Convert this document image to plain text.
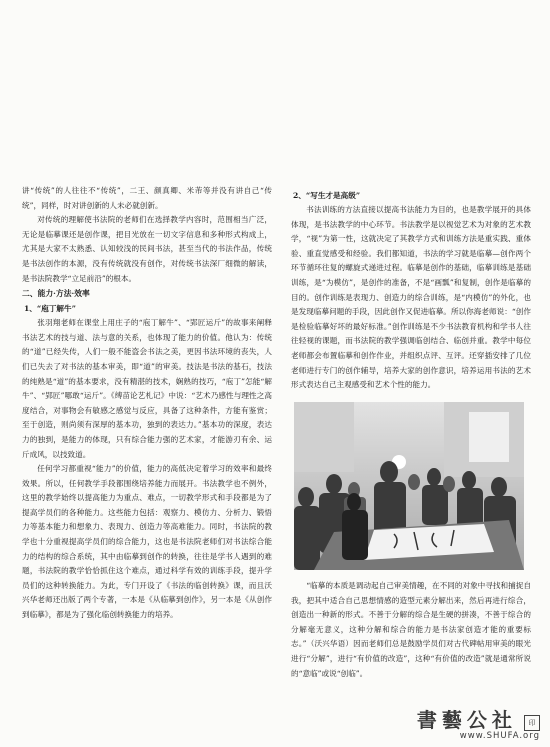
讲“传统”的人往往不“传统”，二王、颜真卿、米芾等并没有讲自己“传统”，同样，时对讲创新的人未必就创新。

对传统的理解使书法院的老师们在选择教学内容时，范围相当广泛，无论是临摹课还是创作课，把目光放在一切文字信息和多种形式构成上，尤其是大家不太熟悉、认知较浅的民间书法，甚至当代的书法作品，传统是书法创作的本源，没有传统就没有创作，对传统书法深厂细微的解读，是书法院教学“立足前沿”的根本。

二、能力·方法·效率
1、“庖丁解牛”

张羽翔老师在课堂上用庄子的“庖丁解牛”、“郢匠运斤”的故事来阐释书法艺术的技与道、法与意的关系，也体现了能力的价值。他认为：传统的“道”已经失传，人们一般不能盗会书法之美，更因书法环境的丧失，人们已失去了对书法的基本审美，即“道”的审美。技法是书法的基石，技法的纯熟是“道”的基本要求，没有精湛的技术，娴熟的技巧，“庖丁”怎能“解牛”、“郢匠”哪敢“运斤”。《缚苗论艺札记》中说：“艺术乃感性与理性之高度结合，对事物会有敏感之感觉与反应，具备了这种条件，方能有鉴赏；至于创造，则尚须有深厚的基本功，独到的表达力。”基本功的深度，表达力的独到，是能力的体现，只有综合能力强的艺术家，才能游刃有余、运斤成风，以技致道。

任何学习都重视“能力”的价值，能力的高低决定着学习的效率和最终效果。所以，任何教学手段都围绕培养能力而展开。书法教学也不例外，这里的教学始终以提高能力为重点、难点，一切教学形式和手段都是为了提高学员们的各种能力。这些能力包括：观察力、模仿力、分析力、锻悟力等基本能力和想象力、表现力、创造力等高难能力。同时，书法院的教学也十分重视提高学员们的综合能力，这也是书法院老师们对书法综合能力的结构的综合系统，其中由临摹到创作的转换，往往是学书人遇到的难题，书法院的教学恰恰抓住这个难点，通过科学有效的训练手段，提升学员们的这种转换能力。为此，专门开设了《书法的临创转换》课，而且沃兴华老师还出版了两个专著，一本是《从临摹到创作》，另一本是《从创作到临摹》，都是为了强化临创转换能力的培养。

2、“写生才是高级”

书法训练的方法直接以提高书法能力为目的，也是教学展开的具体体现，是书法教学的中心环节。书法教学是以视觉艺术为对象的艺术教学，“视”为第一性，这就决定了其教学方式和训练方法是重实践、重体验、重直觉感受和经验。我们都知道，书法的学习就是临摹—创作两个环节循环往复的螺旋式递进过程。临摹是创作的基础，临摹训练是基础训练，是“为模仿”，是创作的准备，不是“画瓢”和复制，创作是临摹的目的。创作训练是表现力、创造力的综合训练，是“内模仿”的外化，也是发现临摹问题的手段，因此创作又促进临摹。所以你海老师说：“创作是检验临摹好坏的最好标准。”创作训练是不少书法教育机构和学书人往往轻视的课题，而书法院的教学强调临创结合、临创并重。教学中每位老师都会布置临摹和创作作业，并组织点评、互评。还穿插安排了几位老师进行专门的创作辅导，培养大家的创作意识，培养运用书法的艺术形式表达自己主观感受和艺术个性的能力。

“临摹的本质是调动起自己审美情趣，在不同的对象中寻找和捕捉自我，把其中适合自己思想情感的造型元素分解出来，然后再进行综合，创造出一种新的形式。不善于分解的综合是生硬的拼凑，不善于综合的分解毫无意义，这种分解和综合的能力是书法家创造才能的重要标志。”（沃兴华语）因而老师们总是鼓励学员们对古代碑帖用审美的眼光进行“分解”，进行“有价值的改造”，这种“有价值的改造”就是通常所说的“意临”或说“创临”。

書藝公社 印
www.SHUFA.org
